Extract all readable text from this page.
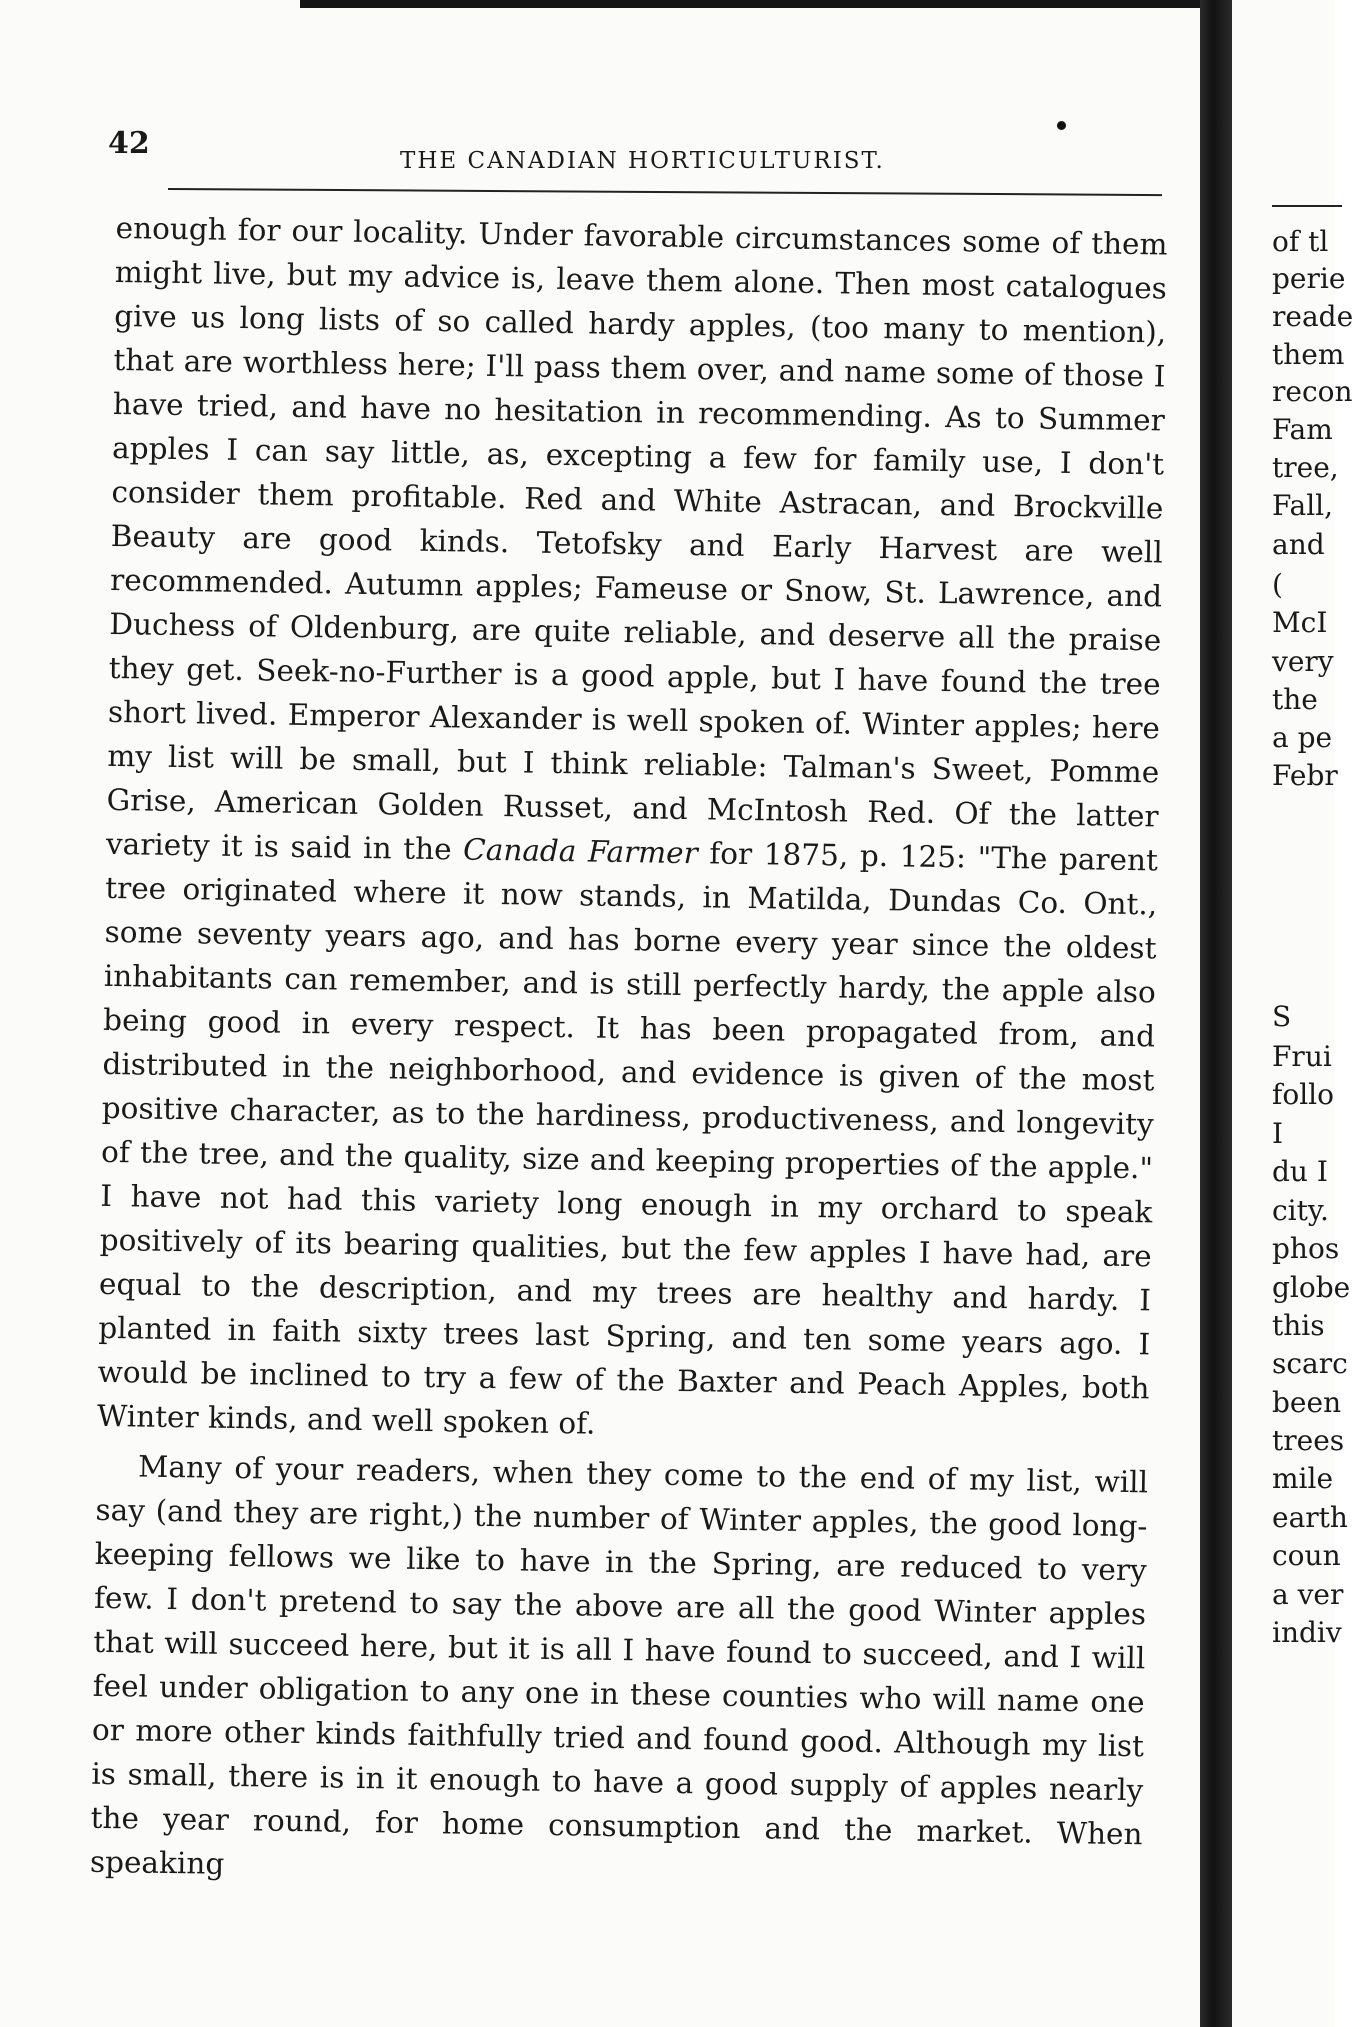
42	THE CANADIAN HORTICULTURIST.

enough for our locality. Under favorable circumstances some of them might live, but my advice is, leave them alone. Then most catalogues give us long lists of so called hardy apples, (too many to mention), that are worthless here; I'll pass them over, and name some of those I have tried, and have no hesitation in recommending. As to Summer apples I can say little, as, excepting a few for family use, I don't consider them profitable. Red and White Astracan, and Brockville Beauty are good kinds. Tetofsky and Early Harvest are well recommended. Autumn apples; Fameuse or Snow, St. Lawrence, and Duchess of Oldenburg, are quite reliable, and deserve all the praise they get. Seek-no-Further is a good apple, but I have found the tree short lived. Emperor Alexander is well spoken of. Winter apples; here my list will be small, but I think reliable: Talman's Sweet, Pomme Grise, American Golden Russet, and McIntosh Red. Of the latter variety it is said in the Canada Farmer for 1875, p. 125: "The parent tree originated where it now stands, in Matilda, Dundas Co. Ont., some seventy years ago, and has borne every year since the oldest inhabitants can remember, and is still perfectly hardy, the apple also being good in every respect. It has been propagated from, and distributed in the neighborhood, and evidence is given of the most positive character, as to the hardiness, productiveness, and longevity of the tree, and the quality, size and keeping properties of the apple." I have not had this variety long enough in my orchard to speak positively of its bearing qualities, but the few apples I have had, are equal to the description, and my trees are healthy and hardy. I planted in faith sixty trees last Spring, and ten some years ago. I would be inclined to try a few of the Baxter and Peach Apples, both Winter kinds, and well spoken of.

Many of your readers, when they come to the end of my list, will say (and they are right,) the number of Winter apples, the good long-keeping fellows we like to have in the Spring, are reduced to very few. I don't pretend to say the above are all the good Winter apples that will succeed here, but it is all I have found to succeed, and I will feel under obligation to any one in these counties who will name one or more other kinds faithfully tried and found good. Although my list is small, there is in it enough to have a good supply of apples nearly the year round, for home consumption and the market. When speaking

of tl
perie
reade
them
recon
Fam
tree,
Fall,
and
(
McI
very
the
a pe
Febr
S
Frui
follo
I
du I
city.
phos
globe
this
scarc
been
trees
mile
earth
coun
a ver
indiv
